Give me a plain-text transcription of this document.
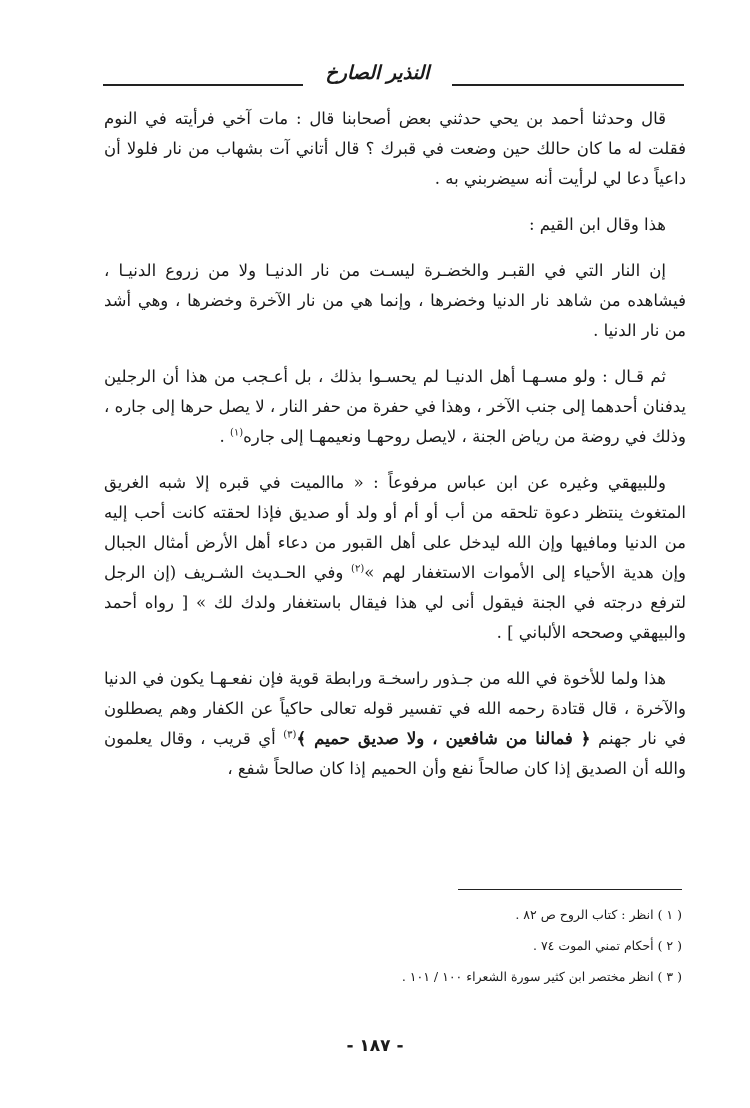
النذير الصارخ

قال وحدثنا أحمد بن يحي حدثني بعض أصحابنا قال : مات آخي فرأيته في النوم فقلت له ما كان حالك حين وضعت في قبرك ؟ قال أتاني آت بشهاب من نار فلولا أن داعياً دعا لي لرأيت أنه سيضربني به .

هذا وقال ابن القيم :

إن النار التي في القبـر والخضـرة ليسـت من نار الدنيـا ولا من زروع الدنيـا ، فيشاهده من شاهد نار الدنيا وخضرها ، وإنما هي من نار الآخرة وخضرها ، وهي أشد من نار الدنيا .

ثم قـال : ولو مسـهـا أهل الدنيـا لم يحسـوا بذلك ، بل أعـجب من هذا أن الرجلين يدفنان أحدهما إلى جنب الآخر ، وهذا في حفرة من حفر النار ، لا يصل حرها إلى جاره ، وذلك في روضة من رياض الجنة ، لايصل روحهـا ونعيمهـا إلى جاره$^{(١)}$ .

وللبيهقي وغيره عن ابن عباس مرفوعاً : « ماالميت في قبره إلا شبه الغريق المتغوث ينتظر دعوة تلحقه من أب أو أم أو ولد أو صديق فإذا لحقته كانت أحب إليه من الدنيا ومافيها وإن الله ليدخل على أهل القبور من دعاء أهل الأرض أمثال الجبال وإن هدية الأحياء إلى الأموات الاستغفار لهم »$^{(٢)}$ وفي الحـديث الشـريف (إن الرجل لترفع درجته في الجنة فيقول أنى لي هذا فيقال باستغفار ولدك لك » [ رواه أحمد والبيهقي وصححه الألباني ] .

هذا ولما للأخوة في الله من جـذور راسخـة ورابطة قوية فإن نفعـهـا يكون في الدنيا والآخرة ، قال قتادة رحمه الله في تفسير قوله تعالى حاكياً عن الكفار وهم يصطلون في نار جهنم ﴿ فمالنا من شافعين ، ولا صديق حميم ﴾$^{(٣)}$ أي قريب ، وقال يعلمون والله أن الصديق إذا كان صالحاً نفع وأن الحميم إذا كان صالحاً شفع ،

( ١ ) انظر : كتاب الروح ص ٨٢ .
( ٢ ) أحكام تمني الموت ٧٤ .
( ٣ ) انظر مختصر ابن كثير سورة الشعراء ١٠٠ / ١٠١ .
- ١٨٧ -
